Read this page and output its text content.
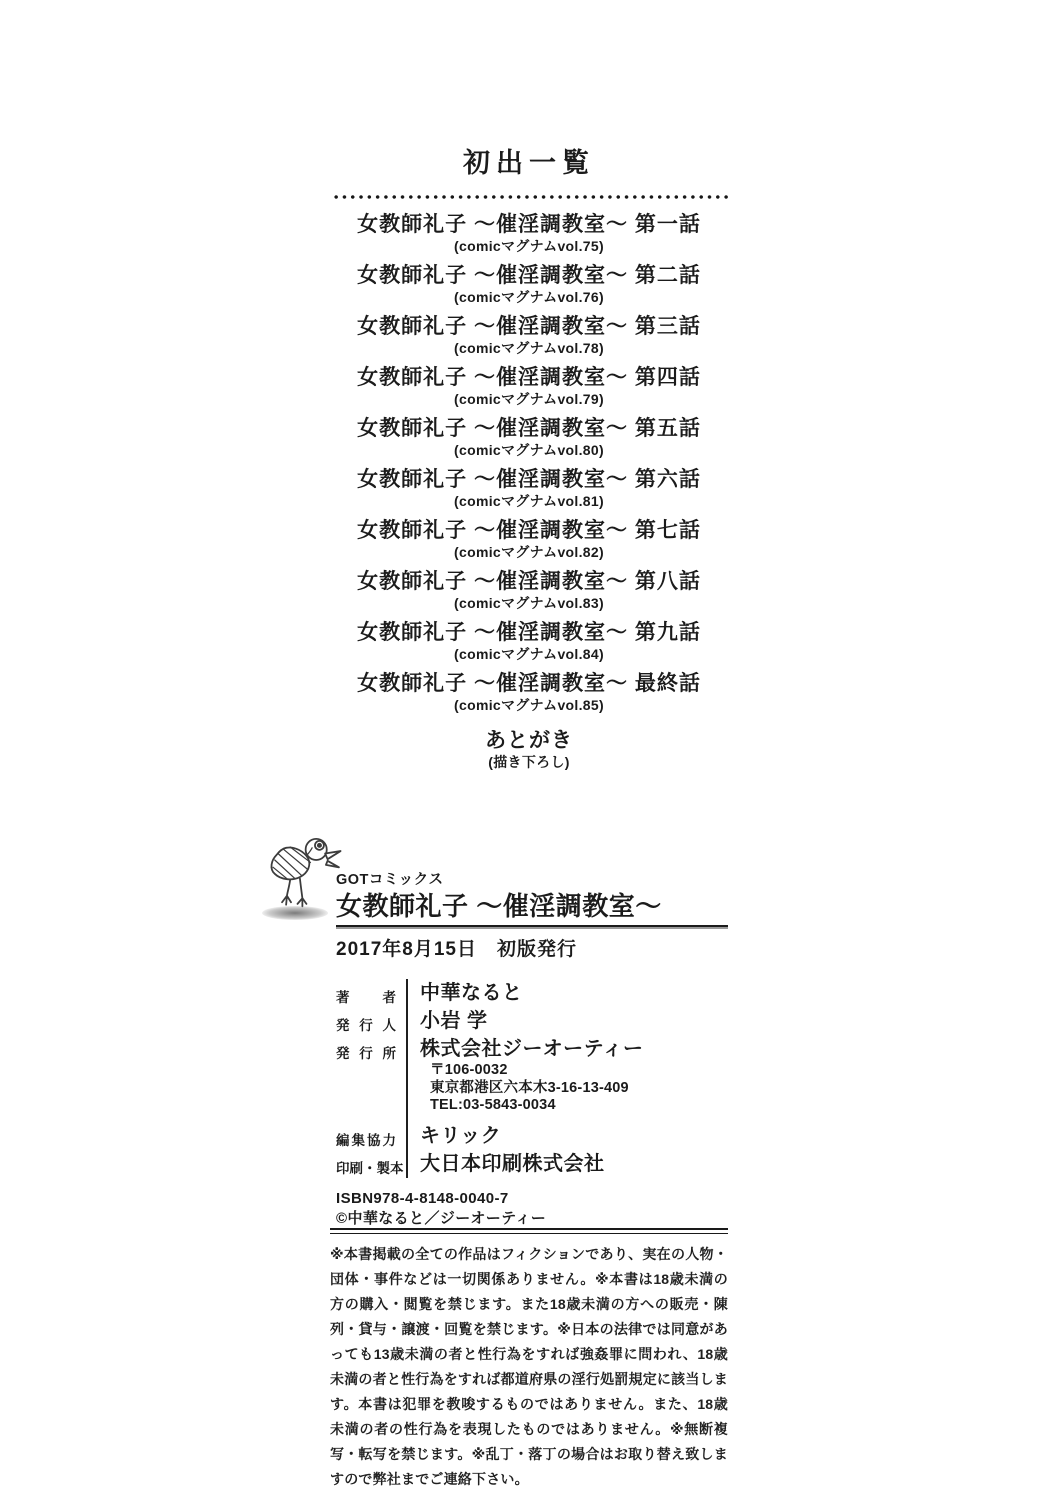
初出一覧
女教師礼子 ～催淫調教室～ 第一話
(comicマグナムvol.75)
女教師礼子 ～催淫調教室～ 第二話
(comicマグナムvol.76)
女教師礼子 ～催淫調教室～ 第三話
(comicマグナムvol.78)
女教師礼子 ～催淫調教室～ 第四話
(comicマグナムvol.79)
女教師礼子 ～催淫調教室～ 第五話
(comicマグナムvol.80)
女教師礼子 ～催淫調教室～ 第六話
(comicマグナムvol.81)
女教師礼子 ～催淫調教室～ 第七話
(comicマグナムvol.82)
女教師礼子 ～催淫調教室～ 第八話
(comicマグナムvol.83)
女教師礼子 ～催淫調教室～ 第九話
(comicマグナムvol.84)
女教師礼子 ～催淫調教室～ 最終話
(comicマグナムvol.85)
あとがき
(描き下ろし)
GOTコミックス
女教師礼子 ～催淫調教室～
2017年8月15日　初版発行
著 者 中華なると
発 行 人 小岩 学
発 行 所 株式会社ジーオーティー
〒106-0032
東京都港区六本木3-16-13-409
TEL:03-5843-0034
編 集 協 力 キリック
印 刷 ・ 製 本 大日本印刷株式会社
ISBN978-4-8148-0040-7
©中華なると／ジーオーティー

※本書掲載の全ての作品はフィクションであり、実在の人物・団体・事件などは一切関係ありません。※本書は18歳未満の方の購入・閲覧を禁じます。また18歳未満の方への販売・陳列・貸与・譲渡・回覧を禁じます。※日本の法律では同意があっても13歳未満の者と性行為をすれば強姦罪に問われ、18歳未満の者と性行為をすれば都道府県の淫行処罰規定に該当します。本書は犯罪を教唆するものではありません。また、18歳未満の者の性行為を表現したものではありません。※無断複写・転写を禁じます。※乱丁・落丁の場合はお取り替え致しますので弊社までご連絡下さい。
